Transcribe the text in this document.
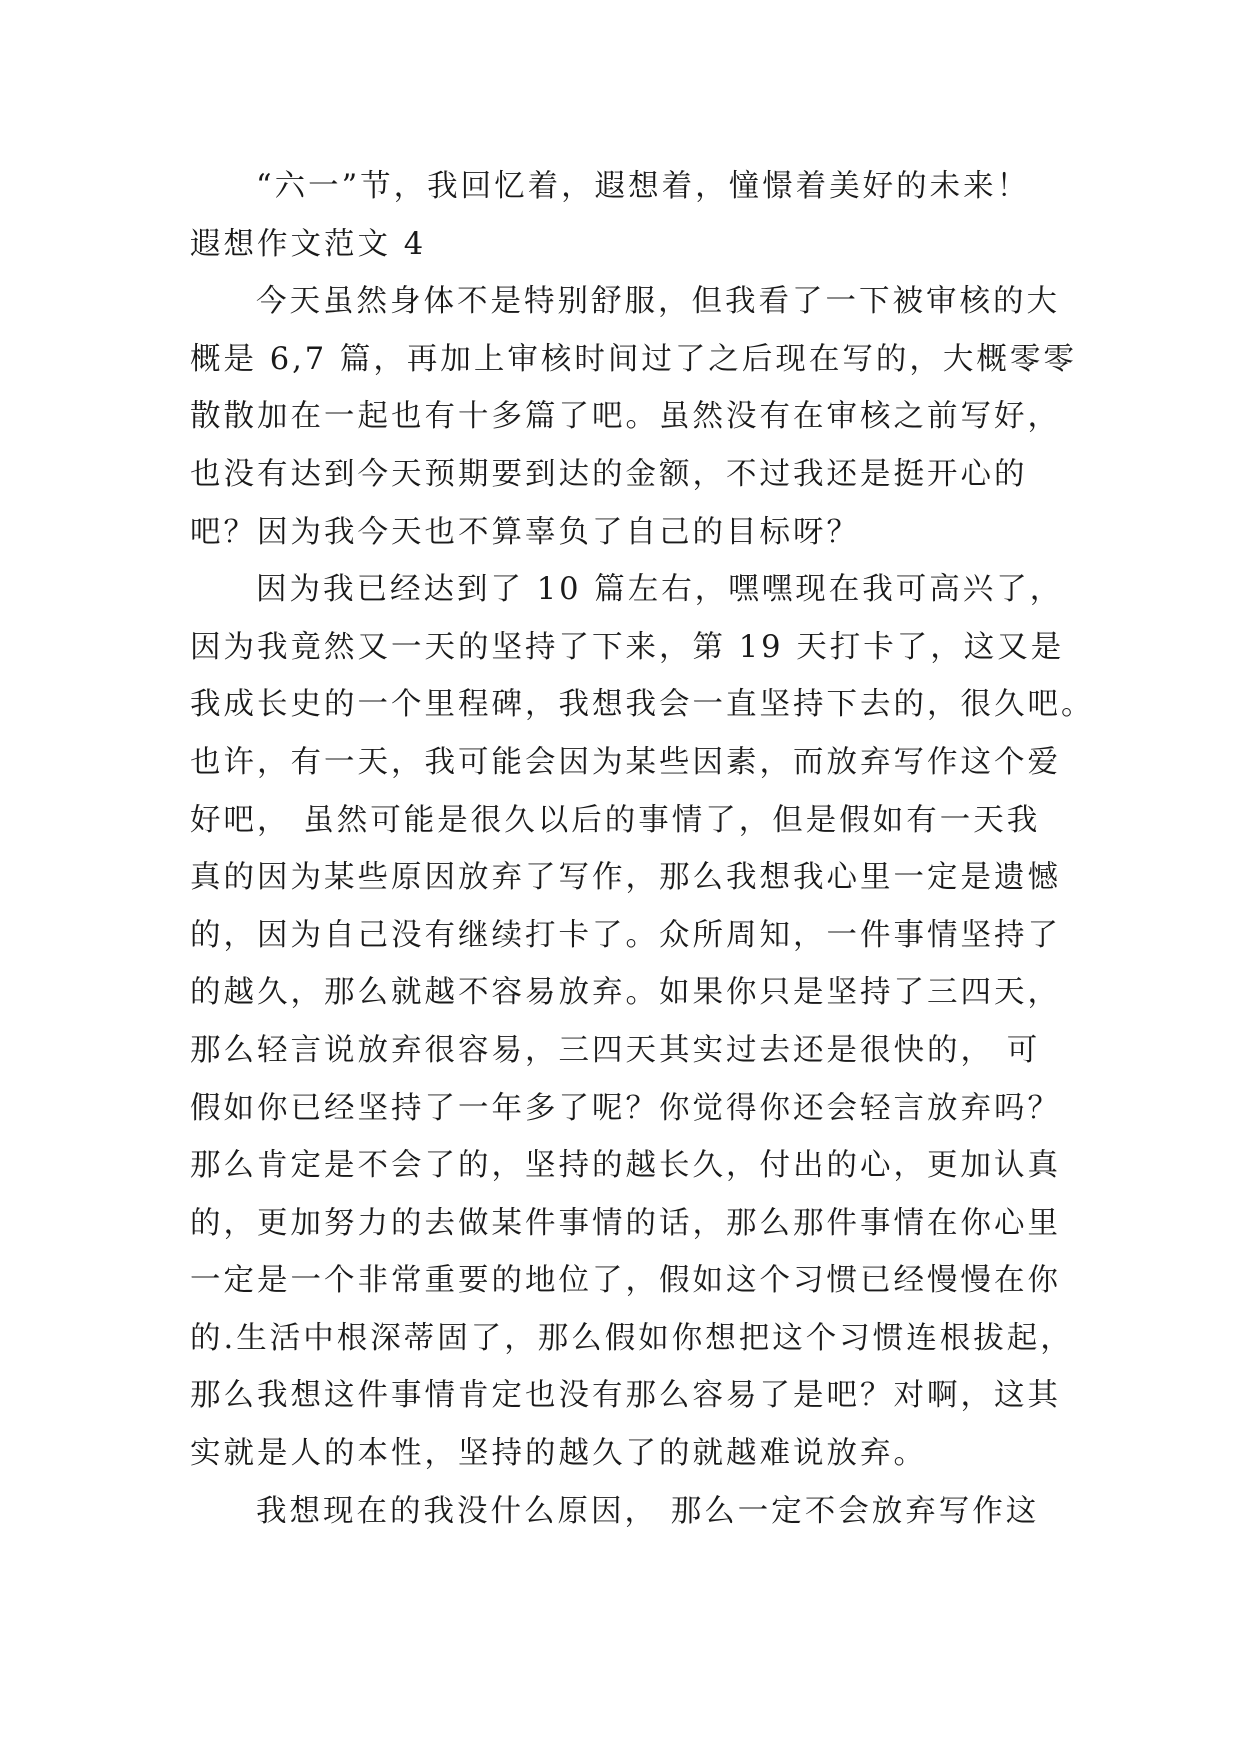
“六一”节，我回忆着，遐想着，憧憬着美好的未来！
遐想作文范文 4
今天虽然身体不是特别舒服，但我看了一下被审核的大
概是 6,7 篇，再加上审核时间过了之后现在写的，大概零零
散散加在一起也有十多篇了吧。虽然没有在审核之前写好，
也没有达到今天预期要到达的金额，不过我还是挺开心的
吧？因为我今天也不算辜负了自己的目标呀？
因为我已经达到了 10 篇左右，嘿嘿现在我可高兴了，
因为我竟然又一天的坚持了下来，第 19 天打卡了，这又是
我成长史的一个里程碑，我想我会一直坚持下去的，很久吧。
也许，有一天，我可能会因为某些因素，而放弃写作这个爱
好吧， 虽然可能是很久以后的事情了，但是假如有一天我
真的因为某些原因放弃了写作，那么我想我心里一定是遗憾
的，因为自己没有继续打卡了。众所周知，一件事情坚持了
的越久，那么就越不容易放弃。如果你只是坚持了三四天，
那么轻言说放弃很容易，三四天其实过去还是很快的， 可
假如你已经坚持了一年多了呢？你觉得你还会轻言放弃吗？
那么肯定是不会了的，坚持的越长久，付出的心，更加认真
的，更加努力的去做某件事情的话，那么那件事情在你心里
一定是一个非常重要的地位了，假如这个习惯已经慢慢在你
的.生活中根深蒂固了，那么假如你想把这个习惯连根拔起，
那么我想这件事情肯定也没有那么容易了是吧？对啊，这其
实就是人的本性，坚持的越久了的就越难说放弃。
我想现在的我没什么原因， 那么一定不会放弃写作这
